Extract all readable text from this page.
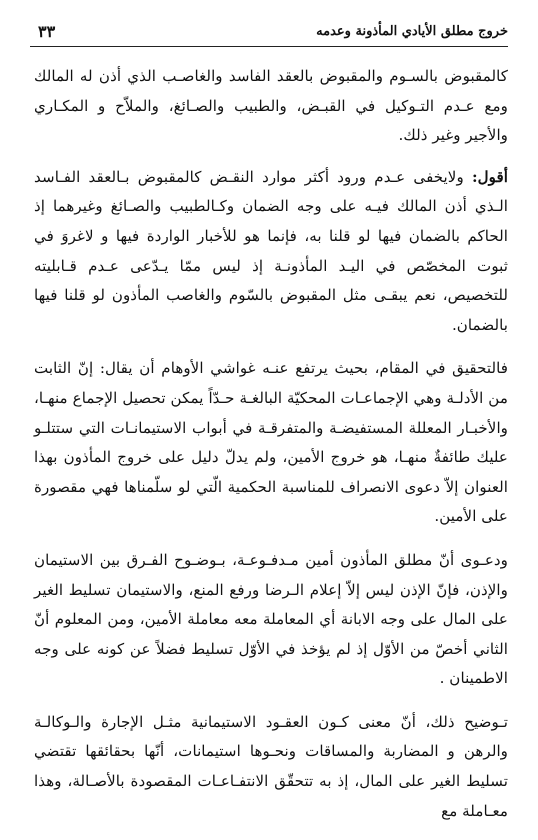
خروج مطلق الأيادي المأذونة وعدمه
٣٣

كالمقبوض بالسـوم والمقبوض بالعقد الفاسد والغاصـب الذي أذن له المالك ومع عـدم التـوكيل في القبـض، والطبيب والصـائغ، والملاّح و المكـاري والأجير وغير ذلك.

أقول: ولايخفى عـدم ورود أكثر موارد النقـض كالمقبوض بـالعقد الفـاسد الـذي أذن المالك فيـه على وجه الضمان وكـالطبيب والصـائغ وغيرهما إذ الحاكم بالضمان فيها لو قلنا به، فإنما هو للأخبار الواردة فيها و لاغروَ في ثبوت المخصّص في اليـد المأذونـة إذ ليس ممّا يـدّعى عـدم قـابليته للتخصيص، نعم يبقـى مثل المقبوض بالسّوم والغاصب المأذون لو قلنا فيها بالضمان.

فالتحقيق في المقام، بحيث يرتفع عنـه غواشي الأوهام أن يقال: إنّ الثابت من الأدلـة وهي الإجماعـات المحكيّة البالغـة حـدّاً يمكن تحصيل الإجماع منهـا، والأخبـار المعللة المستفيضـة والمتفرقـة في أبواب الاستيمانـات التي ستتلـو عليك طائفةٌ منهـا، هو خروج الأمين، ولم يدلّ دليل على خروج المأذون بهذا العنوان إلاّ دعوى الانصراف للمناسبة الحكمية الّتي لو سلّمناها فهي مقصورة على الأمين.

ودعـوى أنّ مطلق المأذون أمين مـدفـوعـة، بـوضـوح الفـرق بين الاستيمان والإذن، فإنّ الإذن ليس إلاّ إعلام الـرضا ورفع المنع، والاستيمان تسليط الغير على المال على وجه الابانة أي المعاملة معه معاملة الأمين، ومن المعلوم أنّ الثاني أخصّ من الأوّل إذ لم يؤخذ في الأوّل تسليط فضلاً عن كونه على وجه الاطمينان .

تـوضيح ذلك، أنّ معنى كـون العقـود الاستيمانية مثـل الإجارة والـوكالـة والرهن و المضاربة والمساقات ونحـوها استيمانات، أنّها بحقائقها تقتضي تسليط الغير على المال، إذ به تتحقّق الانتفـاعـات المقصودة بالأصـالة، وهذا معـاملة مع
